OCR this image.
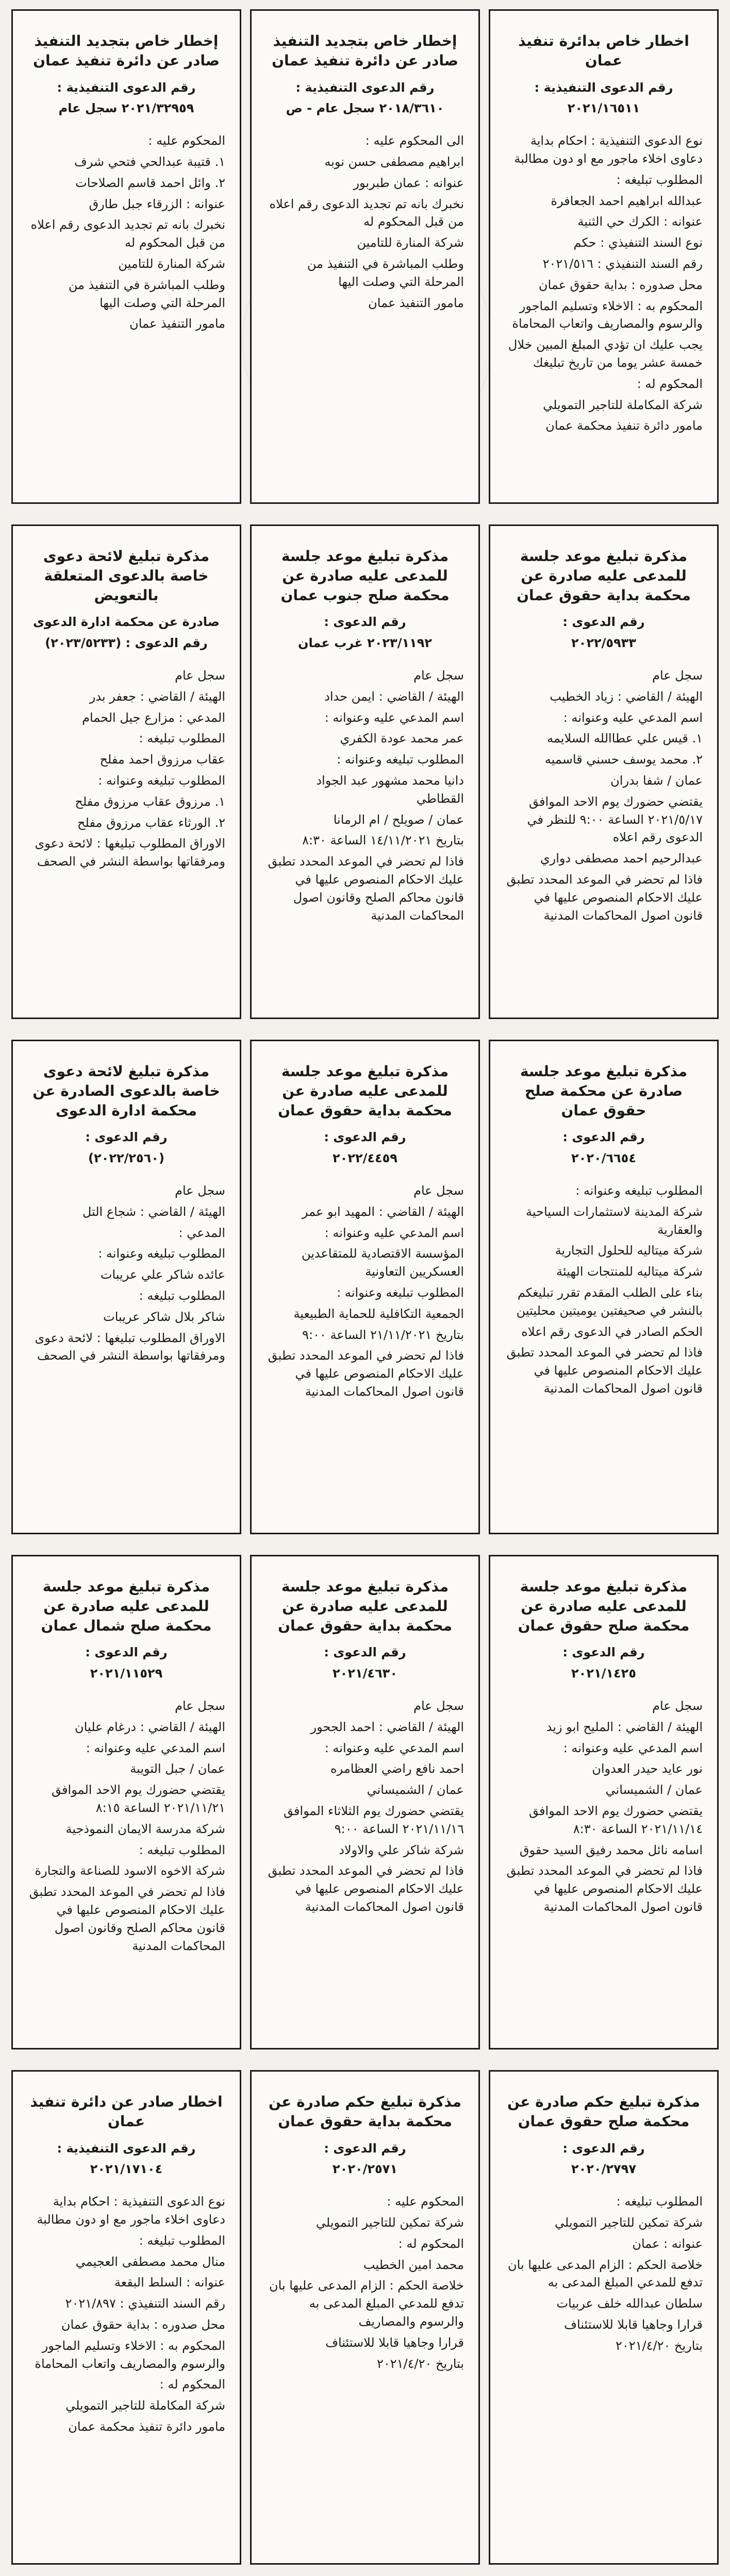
إخطار خاص بتجديد التنفيذ صادر عن دائرة تنفيذ عمان
رقم الدعوى التنفيذية :
٢٠٢١/٣٢٩٥٩ سجل عام
المحكوم عليه :
١. قتيبة عبدالحي فتحي شرف
٢. وائل احمد قاسم الصلاحات
عنوانه : الزرقاء جبل طارق
نخبرك بانه تم تجديد الدعوى رقم اعلاه من قبل المحكوم له
شركة المنارة للتامين
وطلب المباشرة في التنفيذ من المرحلة التي وصلت اليها
مامور التنفيذ عمان
إخطار خاص بتجديد التنفيذ صادر عن دائرة تنفيذ عمان
رقم الدعوى التنفيذية :
٢٠١٨/٣٦١٠ سجل عام - ص
الى المحكوم عليه :
ابراهيم مصطفى حسن نوبه
عنوانه : عمان طبربور
نخبرك بانه تم تجديد الدعوى رقم اعلاه من قبل المحكوم له
شركة المنارة للتامين
وطلب المباشرة في التنفيذ من المرحلة التي وصلت اليها
مامور التنفيذ عمان
اخطار خاص بدائرة تنفيذ عمان
رقم الدعوى التنفيذية :
٢٠٢١/١٦٥١١
نوع الدعوى التنفيذية : احكام بداية دعاوى اخلاء ماجور مع او دون مطالبة
المطلوب تبليغه :
عبدالله ابراهيم احمد الجعافرة
عنوانه : الكرك حي الثنية
نوع السند التنفيذي : حكم
رقم السند التنفيذي : ٢٠٢١/٥١٦
محل صدوره : بداية حقوق عمان
المحكوم به : الاخلاء وتسليم الماجور والرسوم والمصاريف واتعاب المحاماة
يجب عليك ان تؤدي المبلغ المبين خلال خمسة عشر يوما من تاريخ تبليغك
المحكوم له :
شركة المكاملة للتاجير التمويلي
مامور دائرة تنفيذ محكمة عمان
مذكرة تبليغ لائحة دعوى خاصة بالدعوى المتعلقة بالتعويض
صادرة عن محكمة ادارة الدعوى
رقم الدعوى : (٢٠٢٣/٥٢٣٣)
سجل عام
الهيئة / القاضي : جعفر بدر
المدعي : مزارع جيل الحمام
المطلوب تبليغه :
عقاب مرزوق احمد مفلح
المطلوب تبليغه وعنوانه :
١. مرزوق عقاب مرزوق مفلح
٢. الورثاء عقاب مرزوق مفلح
الاوراق المطلوب تبليغها : لائحة دعوى ومرفقاتها بواسطة النشر في الصحف
مذكرة تبليغ موعد جلسة للمدعى عليه صادرة عن محكمة صلح جنوب عمان
رقم الدعوى :
٢٠٢٣/١١٩٢ غرب عمان
سجل عام
الهيئة / القاضي : ايمن حداد
اسم المدعي عليه وعنوانه :
عمر محمد عودة الكفري
المطلوب تبليغه وعنوانه :
دانيا محمد مشهور عبد الجواد القطاطي
عمان / صويلح / ام الرمانا
بتاريخ ١٤/١١/٢٠٢١ الساعة ٨:٣٠
فاذا لم تحضر في الموعد المحدد تطبق عليك الاحكام المنصوص عليها في قانون محاكم الصلح وقانون اصول المحاكمات المدنية
مذكرة تبليغ موعد جلسة للمدعى عليه صادرة عن محكمة بداية حقوق عمان
رقم الدعوى :
٢٠٢٢/٥٩٣٣
سجل عام
الهيئة / القاضي : زياد الخطيب
اسم المدعي عليه وعنوانه :
١. قيس علي عطاالله السلايمه
٢. محمد يوسف حسني قاسميه
عمان / شفا بدران
يقتضي حضورك يوم الاحد الموافق ٢٠٢١/٥/١٧ الساعة ٩:٠٠ للنظر في الدعوى رقم اعلاه
عبدالرحيم احمد مصطفى دواري
فاذا لم تحضر في الموعد المحدد تطبق عليك الاحكام المنصوص عليها في قانون اصول المحاكمات المدنية
مذكرة تبليغ لائحة دعوى خاصة بالدعوى الصادرة عن محكمة ادارة الدعوى
رقم الدعوى :
(٢٠٢٢/٢٥٦٠)
سجل عام
الهيئة / القاضي : شجاع التل
المدعي :
المطلوب تبليغه وعنوانه :
عائده شاكر علي عريبات
المطلوب تبليغه :
شاكر بلال شاكر عريبات
الاوراق المطلوب تبليغها : لائحة دعوى ومرفقاتها بواسطة النشر في الصحف
مذكرة تبليغ موعد جلسة للمدعى عليه صادرة عن محكمة بداية حقوق عمان
رقم الدعوى :
٢٠٢٢/٤٤٥٩
سجل عام
الهيئة / القاضي : المهيد ابو عمر
اسم المدعي عليه وعنوانه :
المؤسسة الاقتصادية للمتقاعدين العسكريين التعاونية
المطلوب تبليغه وعنوانه :
الجمعية التكافلية للحماية الطبيعية
بتاريخ ٢١/١١/٢٠٢١ الساعة ٩:٠٠
فاذا لم تحضر في الموعد المحدد تطبق عليك الاحكام المنصوص عليها في قانون اصول المحاكمات المدنية
مذكرة تبليغ موعد جلسة صادرة عن محكمة صلح حقوق عمان
رقم الدعوى :
٢٠٢٠/٦٦٥٤
المطلوب تبليغه وعنوانه :
شركة المدينة لاستثمارات السياحية والعقارية
شركة ميتاليه للحلول التجارية
شركة ميتاليه للمنتجات الهيئة
بناء على الطلب المقدم تقرر تبليغكم بالنشر في صحيفتين يوميتين محليتين
الحكم الصادر في الدعوى رقم اعلاه
فاذا لم تحضر في الموعد المحدد تطبق عليك الاحكام المنصوص عليها في قانون اصول المحاكمات المدنية
مذكرة تبليغ موعد جلسة للمدعى عليه صادرة عن محكمة صلح شمال عمان
رقم الدعوى :
٢٠٢١/١١٥٢٩
سجل عام
الهيئة / القاضي : درغام عليان
اسم المدعي عليه وعنوانه :
عمان / جبل التويبة
يقتضي حضورك يوم الاحد الموافق ٢٠٢١/١١/٢١ الساعة ٨:١٥
شركة مدرسة الايمان النموذجية
المطلوب تبليغه :
شركة الاخوه الاسود للصناعة والتجارة
فاذا لم تحضر في الموعد المحدد تطبق عليك الاحكام المنصوص عليها في قانون محاكم الصلح وقانون اصول المحاكمات المدنية
مذكرة تبليغ موعد جلسة للمدعى عليه صادرة عن محكمة بداية حقوق عمان
رقم الدعوى :
٢٠٢١/٤٦٣٠
سجل عام
الهيئة / القاضي : احمد الجحور
اسم المدعي عليه وعنوانه :
احمد نافع راضي العظامره
عمان / الشميساني
يقتضي حضورك يوم الثلاثاء الموافق ٢٠٢١/١١/١٦ الساعة ٩:٠٠
شركة شاكر علي والاولاد
فاذا لم تحضر في الموعد المحدد تطبق عليك الاحكام المنصوص عليها في قانون اصول المحاكمات المدنية
مذكرة تبليغ موعد جلسة للمدعى عليه صادرة عن محكمة صلح حقوق عمان
رقم الدعوى :
٢٠٢١/١٤٢٥
سجل عام
الهيئة / القاضي : المليح ابو زيد
اسم المدعي عليه وعنوانه :
نور عايد حيدر العدوان
عمان / الشميساني
يقتضي حضورك يوم الاحد الموافق ٢٠٢١/١١/١٤ الساعة ٨:٣٠
اسامه نائل محمد رفيق السيد حقوق
فاذا لم تحضر في الموعد المحدد تطبق عليك الاحكام المنصوص عليها في قانون اصول المحاكمات المدنية
اخطار صادر عن دائرة تنفيذ عمان
رقم الدعوى التنفيذية :
٢٠٢١/١٧١٠٤
نوع الدعوى التنفيذية : احكام بداية دعاوى اخلاء ماجور مع او دون مطالبة
المطلوب تبليغه :
منال محمد مصطفى العجيمي
عنوانه : السلط البقعة
رقم السند التنفيذي : ٢٠٢١/٨٩٧
محل صدوره : بداية حقوق عمان
المحكوم به : الاخلاء وتسليم الماجور والرسوم والمصاريف واتعاب المحاماة
المحكوم له :
شركة المكاملة للتاجير التمويلي
مامور دائرة تنفيذ محكمة عمان
مذكرة تبليغ حكم صادرة عن محكمة بداية حقوق عمان
رقم الدعوى :
٢٠٢٠/٢٥٧١
المحكوم عليه :
شركة تمكين للتاجير التمويلي
المحكوم له :
محمد امين الخطيب
خلاصة الحكم : الزام المدعى عليها بان تدفع للمدعي المبلغ المدعى به والرسوم والمصاريف
قرارا وجاهيا قابلا للاستئناف
بتاريخ ٢٠٢١/٤/٢٠
مذكرة تبليغ حكم صادرة عن محكمة صلح حقوق عمان
رقم الدعوى :
٢٠٢٠/٢٧٩٧
المطلوب تبليغه :
شركة تمكين للتاجير التمويلي
عنوانه : عمان
خلاصة الحكم : الزام المدعى عليها بان تدفع للمدعي المبلغ المدعى به
سلطان عبدالله خلف عربيات
قرارا وجاهيا قابلا للاستئناف
بتاريخ ٢٠٢١/٤/٢٠
